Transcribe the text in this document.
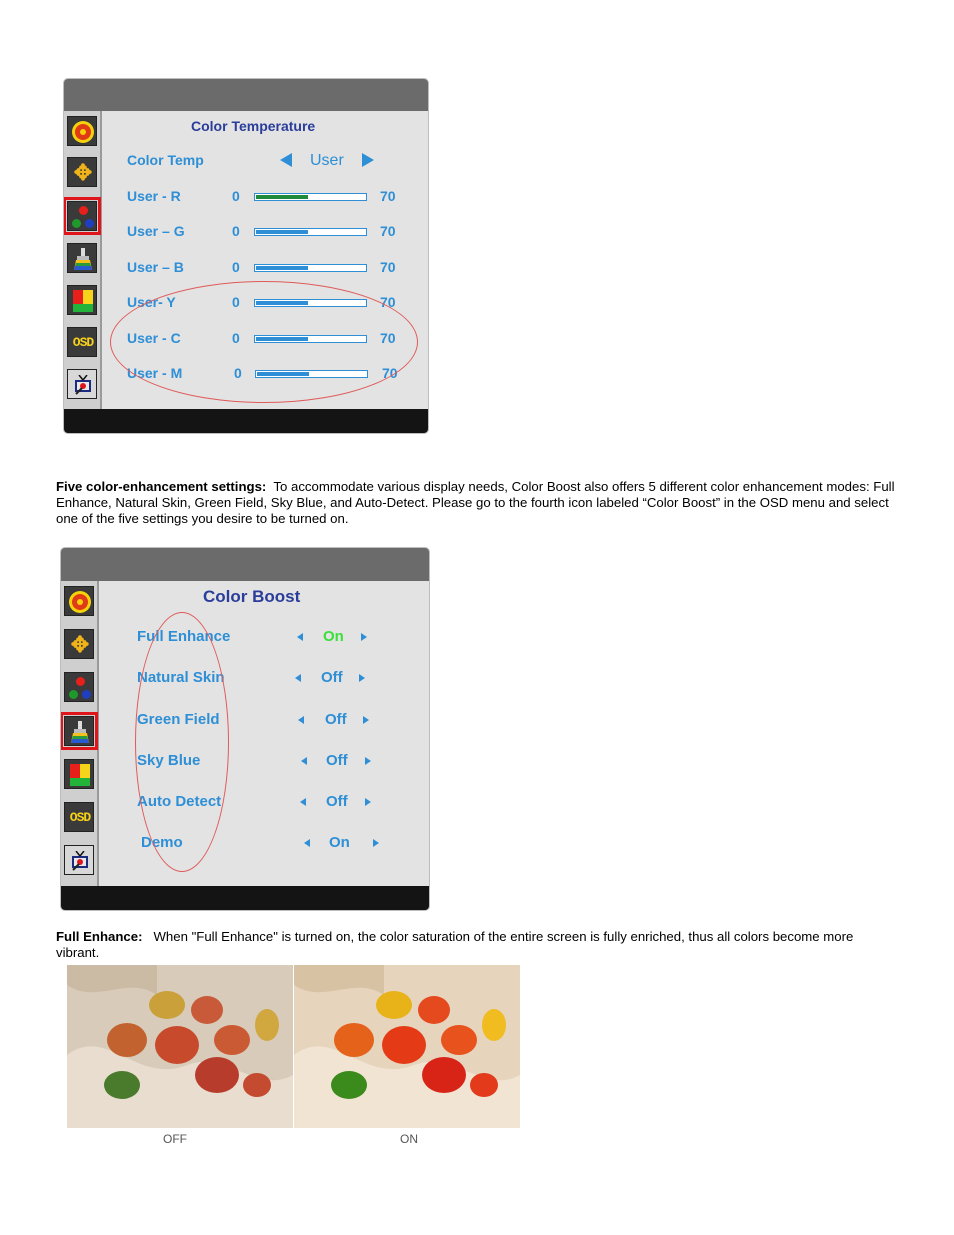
✥
OSD
Color Temperature
Color Temp	User
User - R	0	70
User – G	0	70
User – B	0	70
User- Y	0	70
User - C	0	70
User - M	0	70
Five color-enhancement settings: To accommodate various display needs, Color Boost also offers 5 different color enhancement modes: Full Enhance, Natural Skin, Green Field, Sky Blue, and Auto-Detect. Please go to the fourth icon labeled “Color Boost” in the OSD menu and select one of the five settings you desire to be turned on.
✥
OSD
Color Boost
Full Enhance	On
Natural Skin	Off
Green Field	Off
Sky Blue	Off
Auto Detect	Off
Demo	On
Full Enhance: When "Full Enhance" is turned on, the color saturation of the entire screen is fully enriched, thus all colors become more vibrant.
OFF	ON
